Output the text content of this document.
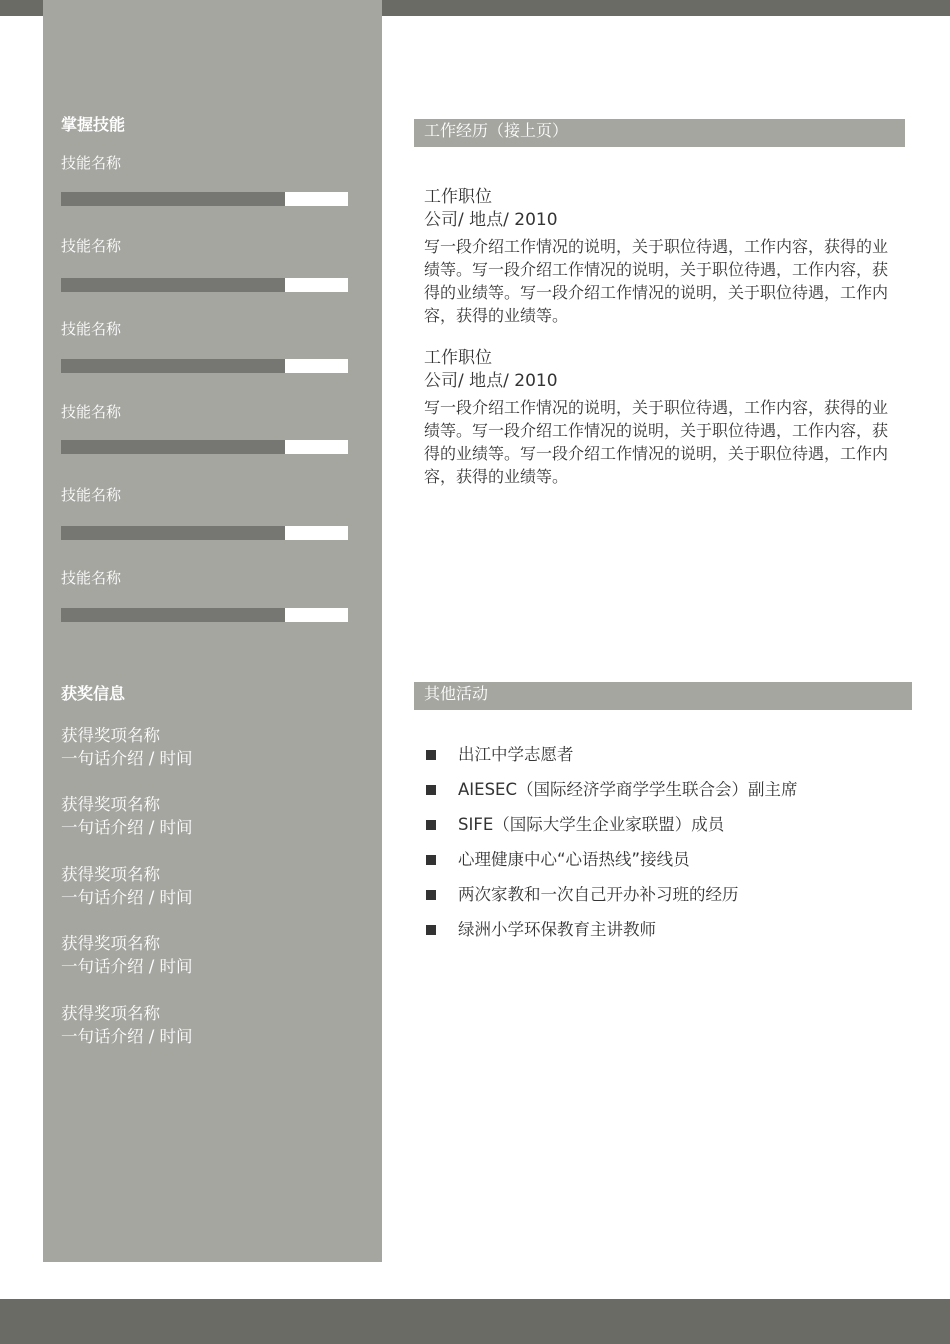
掌握技能
技能名称
技能名称
技能名称
技能名称
技能名称
技能名称
获奖信息
获得奖项名称
一句话介绍 / 时间
获得奖项名称
一句话介绍 / 时间
获得奖项名称
一句话介绍 / 时间
获得奖项名称
一句话介绍 / 时间
获得奖项名称
一句话介绍 / 时间
工作经历（接上页）
工作职位
公司/ 地点/ 2010
写一段介绍工作情况的说明，关于职位待遇，工作内容，获得的业绩等。写一段介绍工作情况的说明，关于职位待遇，工作内容，获得的业绩等。写一段介绍工作情况的说明，关于职位待遇，工作内容，获得的业绩等。
工作职位
公司/ 地点/ 2010
写一段介绍工作情况的说明，关于职位待遇，工作内容，获得的业绩等。写一段介绍工作情况的说明，关于职位待遇，工作内容，获得的业绩等。写一段介绍工作情况的说明，关于职位待遇，工作内容，获得的业绩等。
其他活动
出江中学志愿者
AIESEC（国际经济学商学学生联合会）副主席
SIFE（国际大学生企业家联盟）成员
心理健康中心“心语热线”接线员
两次家教和一次自己开办补习班的经历
绿洲小学环保教育主讲教师
